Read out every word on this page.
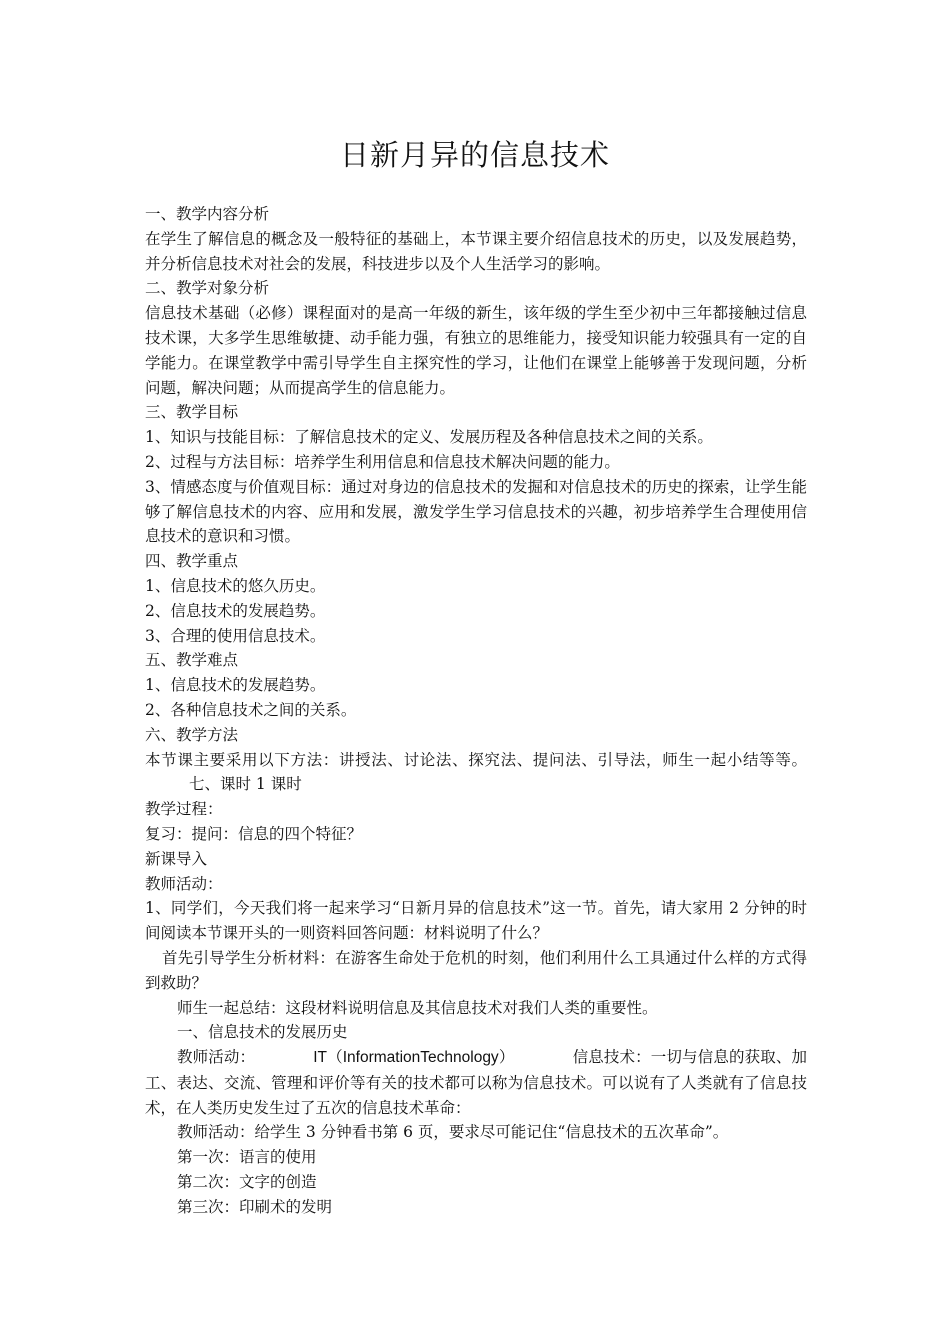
日新月异的信息技术

一、教学内容分析

在学生了解信息的概念及一般特征的基础上，本节课主要介绍信息技术的历史，以及发展趋势，并分析信息技术对社会的发展，科技进步以及个人生活学习的影响。

二、教学对象分析

信息技术基础（必修）课程面对的是高一年级的新生，该年级的学生至少初中三年都接触过信息技术课，大多学生思维敏捷、动手能力强，有独立的思维能力，接受知识能力较强具有一定的自学能力。在课堂教学中需引导学生自主探究性的学习，让他们在课堂上能够善于发现问题，分析问题，解决问题；从而提高学生的信息能力。

三、教学目标

1、知识与技能目标：了解信息技术的定义、发展历程及各种信息技术之间的关系。

2、过程与方法目标：培养学生利用信息和信息技术解决问题的能力。

3、情感态度与价值观目标：通过对身边的信息技术的发掘和对信息技术的历史的探索，让学生能够了解信息技术的内容、应用和发展，激发学生学习信息技术的兴趣，初步培养学生合理使用信息技术的意识和习惯。

四、教学重点

1、信息技术的悠久历史。

2、信息技术的发展趋势。

3、合理的使用信息技术。

五、教学难点

1、信息技术的发展趋势。

2、各种信息技术之间的关系。

六、教学方法

本节课主要采用以下方法：讲授法、讨论法、探究法、提问法、引导法，师生一起小结等等。七、课时 1 课时

教学过程：

复习：提问：信息的四个特征？

新课导入

教师活动：

1、同学们，今天我们将一起来学习“日新月异的信息技术”这一节。首先，请大家用 2 分钟的时间阅读本节课开头的一则资料回答问题：材料说明了什么？

首先引导学生分析材料：在游客生命处于危机的时刻，他们利用什么工具通过什么样的方式得到救助？

师生一起总结：这段材料说明信息及其信息技术对我们人类的重要性。

一、信息技术的发展历史

教师活动：	IT（InformationTechnology）	信息技术：一切与信息的获取、加工、表达、交流、管理和评价等有关的技术都可以称为信息技术。可以说有了人类就有了信息技术，在人类历史发生过了五次的信息技术革命：

教师活动：给学生 3 分钟看书第 6 页，要求尽可能记住“信息技术的五次革命”。

第一次：语言的使用

第二次：文字的创造

第三次：印刷术的发明
